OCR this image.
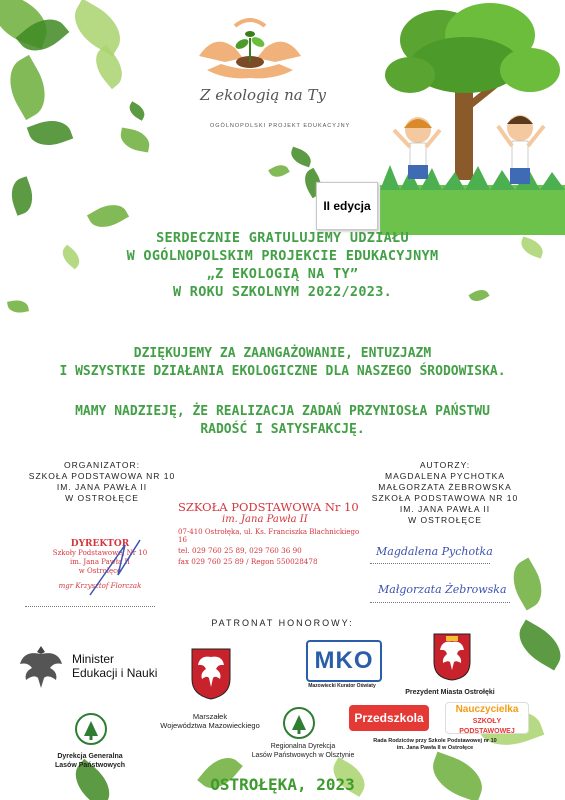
Z ekologią na Ty
OGÓLNOPOLSKI PROJEKT EDUKACYJNY
II edycja
SERDECZNIE GRATULUJEMY UDZIAŁU
W OGÓLNOPOLSKIM PROJEKCIE EDUKACYJNYM
„Z EKOLOGIĄ NA TY”
W ROKU SZKOLNYM 2022/2023.
DZIĘKUJEMY ZA ZAANGAŻOWANIE, ENTUZJAZM
I WSZYSTKIE DZIAŁANIA EKOLOGICZNE DLA NASZEGO ŚRODOWISKA.
MAMY NADZIEJĘ, ŻE REALIZACJA ZADAŃ PRZYNIOSŁA PAŃSTWU
RADOŚĆ I SATYSFAKCJĘ.
ORGANIZATOR:
SZKOŁA PODSTAWOWA NR 10
IM. JANA PAWŁA II
W OSTROŁĘCE
AUTORZY:
MAGDALENA PYCHOTKA
MAŁGORZATA ŻEBROWSKA
SZKOŁA PODSTAWOWA NR 10
IM. JANA PAWŁA II
W OSTROŁĘCE
SZKOŁA PODSTAWOWA Nr 10
im. Jana Pawła II
07-410 Ostrołęka, ul. Ks. Franciszka Blachnickiego 16
tel. 029 760 25 89, 029 760 36 90
fax 029 760 25 89 / Regon 550028478
DYREKTOR
Szkoły Podstawowej Nr 10
im. Jana Pawła II
w Ostrołęce
mgr Krzysztof Florczak
Magdalena Pychotka
Małgorzata Żebrowska
PATRONAT HONOROWY:
Minister
Edukacji i Nauki
Marszałek
Województwa Mazowieckiego
MKO
Mazowiecki Kurator Oświaty
Prezydent Miasta Ostrołęki
Dyrekcja Generalna
Lasów Państwowych
Regionalna Dyrekcja
Lasów Państwowych w Olsztynie
Przedszkola
Nauczycielka
SZKOŁY PODSTAWOWEJ
Rada Rodziców przy Szkole Podstawowej nr 10
im. Jana Pawła II w Ostrołęce
OSTROŁĘKA, 2023
